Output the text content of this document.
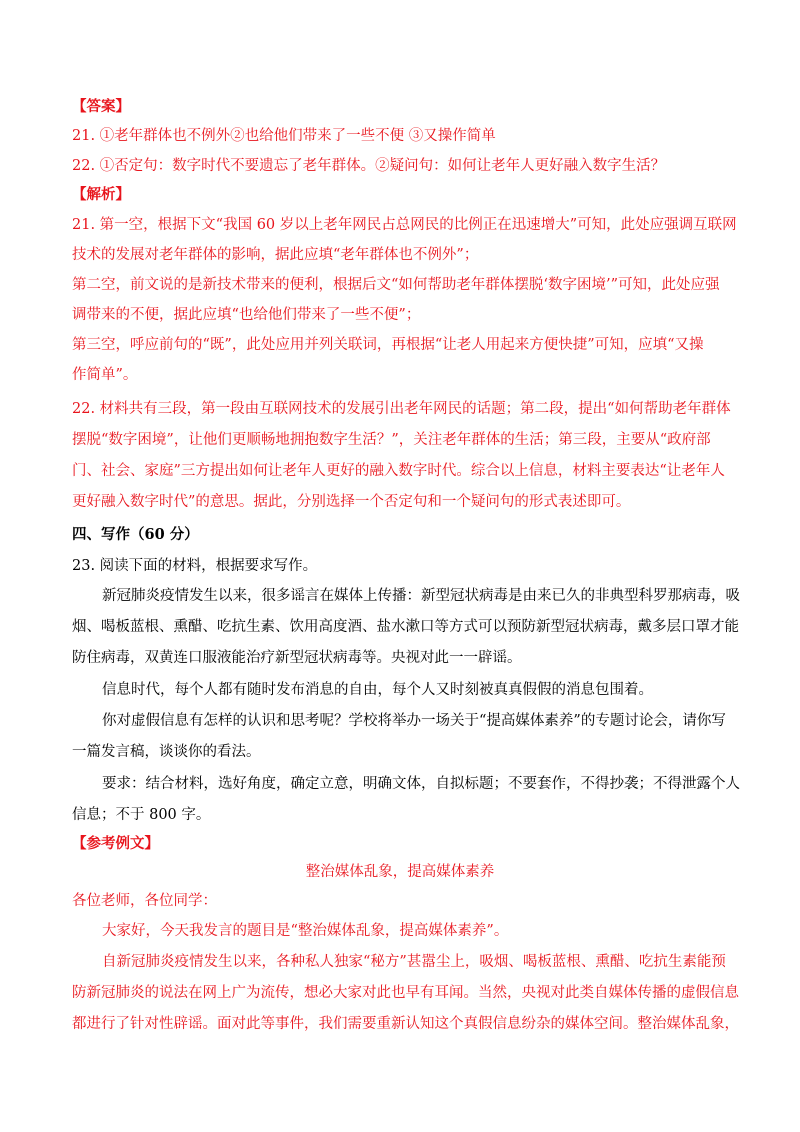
【答案】
21. ①老年群体也不例外②也给他们带来了一些不便 ③又操作简单
22. ①否定句：数字时代不要遗忘了老年群体。②疑问句：如何让老年人更好融入数字生活？
【解析】
21. 第一空，根据下文“我国 60 岁以上老年网民占总网民的比例正在迅速增大”可知，此处应强调互联网
技术的发展对老年群体的影响，据此应填“老年群体也不例外”；
第二空，前文说的是新技术带来的便利，根据后文“如何帮助老年群体摆脱‘数字困境’”可知，此处应强
调带来的不便，据此应填“也给他们带来了一些不便”；
第三空，呼应前句的“既”，此处应用并列关联词，再根据“让老人用起来方便快捷”可知，应填“又操
作简单”。
22. 材料共有三段，第一段由互联网技术的发展引出老年网民的话题；第二段，提出“如何帮助老年群体
摆脱“数字困境”，让他们更顺畅地拥抱数字生活？”，关注老年群体的生活；第三段，主要从“政府部
门、社会、家庭”三方提出如何让老年人更好的融入数字时代。综合以上信息，材料主要表达“让老年人
更好融入数字时代”的意思。据此，分别选择一个否定句和一个疑问句的形式表述即可。
四、写作（60 分）
23. 阅读下面的材料，根据要求写作。
新冠肺炎疫情发生以来，很多谣言在媒体上传播：新型冠状病毒是由来已久的非典型科罗那病毒，吸
烟、喝板蓝根、熏醋、吃抗生素、饮用高度酒、盐水漱口等方式可以预防新型冠状病毒，戴多层口罩才能
防住病毒，双黄连口服液能治疗新型冠状病毒等。央视对此一一辟谣。
信息时代，每个人都有随时发布消息的自由，每个人又时刻被真真假假的消息包围着。
你对虚假信息有怎样的认识和思考呢？学校将举办一场关于“提高媒体素养”的专题讨论会，请你写
一篇发言稿，谈谈你的看法。
要求：结合材料，选好角度，确定立意，明确文体，自拟标题；不要套作，不得抄袭；不得泄露个人
信息；不于 800 字。
【参考例文】
整治媒体乱象，提高媒体素养
各位老师，各位同学：
大家好，今天我发言的题目是“整治媒体乱象，提高媒体素养”。
自新冠肺炎疫情发生以来，各种私人独家“秘方”甚嚣尘上，吸烟、喝板蓝根、熏醋、吃抗生素能预
防新冠肺炎的说法在网上广为流传，想必大家对此也早有耳闻。当然，央视对此类自媒体传播的虚假信息
都进行了针对性辟谣。面对此等事件，我们需要重新认知这个真假信息纷杂的媒体空间。整治媒体乱象，
